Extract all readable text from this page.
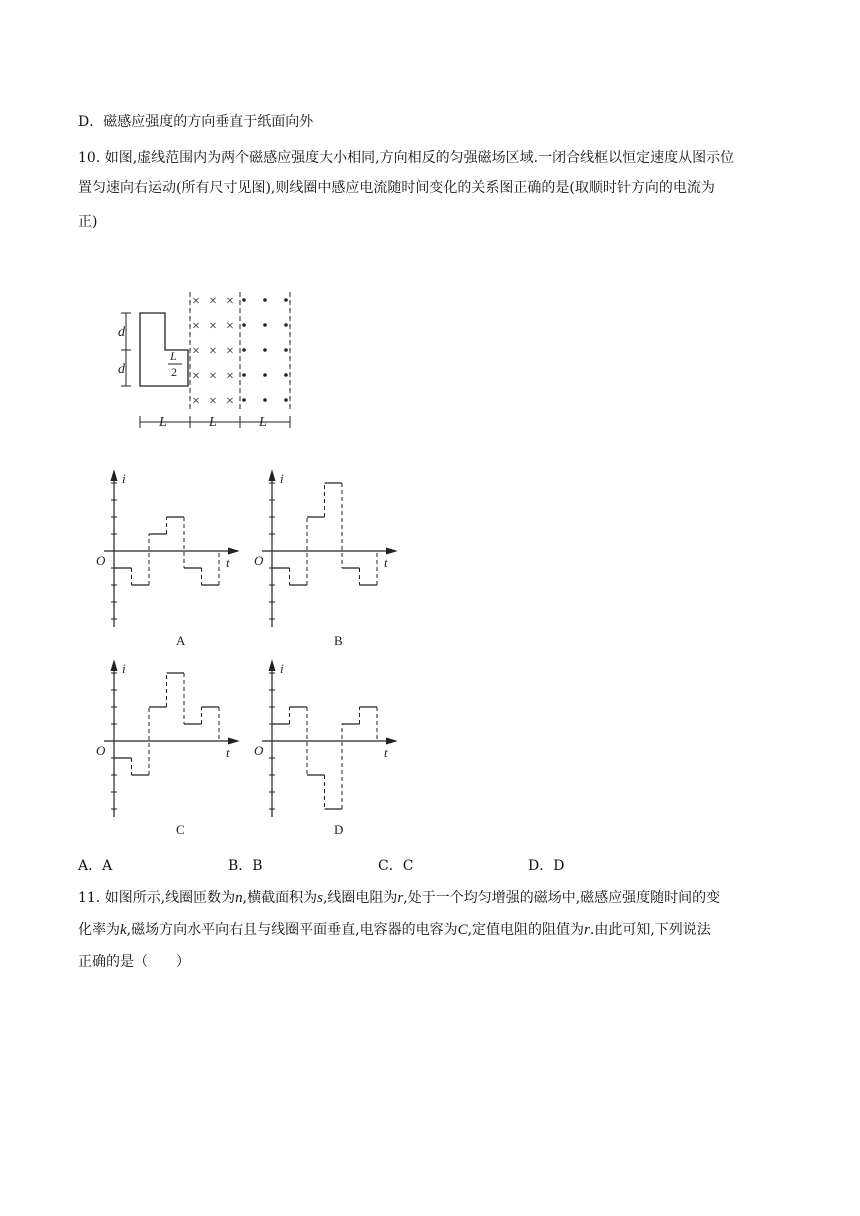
D．磁感应强度的方向垂直于纸面向外
10. 如图,虚线范围内为两个磁感应强度大小相同,方向相反的匀强磁场区域.一闭合线框以恒定速度从图示位
置匀速向右运动(所有尺寸见图),则线圈中感应电流随时间变化的关系图正确的是(取顺时针方向的电流为
正)
d
d
L
2
L	L	L
× × ×
× × ×
× × ×
× × ×
× × ×
i
t
O
i
t
O
i
t
O
i
t
O
A	B
C	D
A．A	B．B	C．C	D．D
11. 如图所示,线圈匝数为n,横截面积为s,线圈电阻为r,处于一个均匀增强的磁场中,磁感应强度随时间的变
化率为k,磁场方向水平向右且与线圈平面垂直,电容器的电容为C,定值电阻的阻值为r.由此可知,下列说法
正确的是（　　）
